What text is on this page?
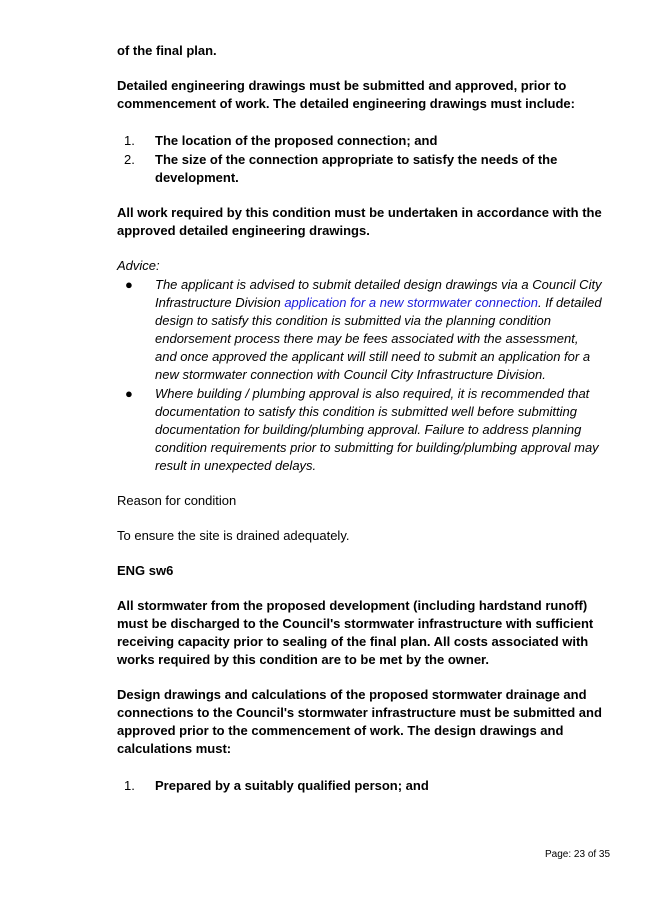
of the final plan.

Detailed engineering drawings must be submitted and approved, prior to commencement of work. The detailed engineering drawings must include:

1. The location of the proposed connection; and
2. The size of the connection appropriate to satisfy the needs of the development.

All work required by this condition must be undertaken in accordance with the approved detailed engineering drawings.

Advice:

● The applicant is advised to submit detailed design drawings via a Council City Infrastructure Division application for a new stormwater connection. If detailed design to satisfy this condition is submitted via the planning condition endorsement process there may be fees associated with the assessment, and once approved the applicant will still need to submit an application for a new stormwater connection with Council City Infrastructure Division.
● Where building / plumbing approval is also required, it is recommended that documentation to satisfy this condition is submitted well before submitting documentation for building/plumbing approval. Failure to address planning condition requirements prior to submitting for building/plumbing approval may result in unexpected delays.

Reason for condition

To ensure the site is drained adequately.

ENG sw6

All stormwater from the proposed development (including hardstand runoff) must be discharged to the Council's stormwater infrastructure with sufficient receiving capacity prior to sealing of the final plan. All costs associated with works required by this condition are to be met by the owner.

Design drawings and calculations of the proposed stormwater drainage and connections to the Council's stormwater infrastructure must be submitted and approved prior to the commencement of work. The design drawings and calculations must:

1. Prepared by a suitably qualified person; and
Page: 23 of 35
